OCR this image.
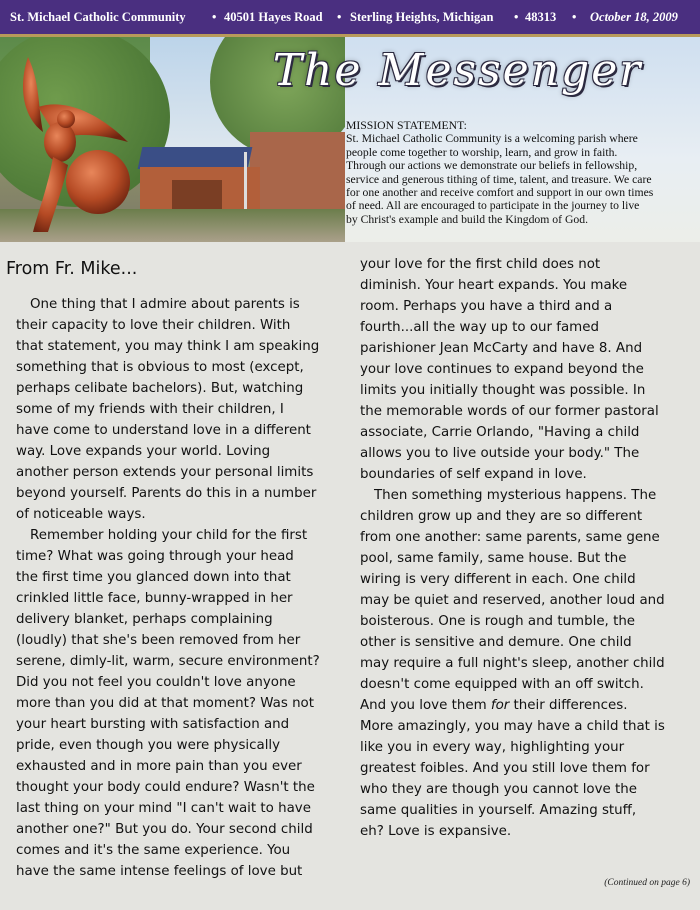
St. Michael Catholic Community • 40501 Hayes Road • Sterling Heights, Michigan • 48313 • October 18, 2009
The Messenger
MISSION STATEMENT:
St. Michael Catholic Community is a welcoming parish where
people come together to worship, learn, and grow in faith.
Through our actions we demonstrate our beliefs in fellowship,
service and generous tithing of time, talent, and treasure. We care
for one another and receive comfort and support in our own times
of need. All are encouraged to participate in the journey to live
by Christ's example and build the Kingdom of God.
From Fr. Mike...
One thing that I admire about parents is
their capacity to love their children. With
that statement, you may think I am speaking
something that is obvious to most (except,
perhaps celibate bachelors). But, watching
some of my friends with their children, I
have come to understand love in a different
way. Love expands your world. Loving
another person extends your personal limits
beyond yourself. Parents do this in a number
of noticeable ways.
Remember holding your child for the first
time? What was going through your head
the first time you glanced down into that
crinkled little face, bunny-wrapped in her
delivery blanket, perhaps complaining
(loudly) that she's been removed from her
serene, dimly-lit, warm, secure environment?
Did you not feel you couldn't love anyone
more than you did at that moment? Was not
your heart bursting with satisfaction and
pride, even though you were physically
exhausted and in more pain than you ever
thought your body could endure? Wasn't the
last thing on your mind "I can't wait to have
another one?" But you do. Your second child
comes and it's the same experience. You
have the same intense feelings of love but
your love for the first child does not
diminish. Your heart expands. You make
room. Perhaps you have a third and a
fourth...all the way up to our famed
parishioner Jean McCarty and have 8. And
your love continues to expand beyond the
limits you initially thought was possible. In
the memorable words of our former pastoral
associate, Carrie Orlando, "Having a child
allows you to live outside your body." The
boundaries of self expand in love.
Then something mysterious happens. The
children grow up and they are so different
from one another: same parents, same gene
pool, same family, same house. But the
wiring is very different in each. One child
may be quiet and reserved, another loud and
boisterous. One is rough and tumble, the
other is sensitive and demure. One child
may require a full night's sleep, another child
doesn't come equipped with an off switch.
And you love them for their differences.
More amazingly, you may have a child that is
like you in every way, highlighting your
greatest foibles. And you still love them for
who they are though you cannot love the
same qualities in yourself. Amazing stuff,
eh? Love is expansive.
(Continued on page 6)
